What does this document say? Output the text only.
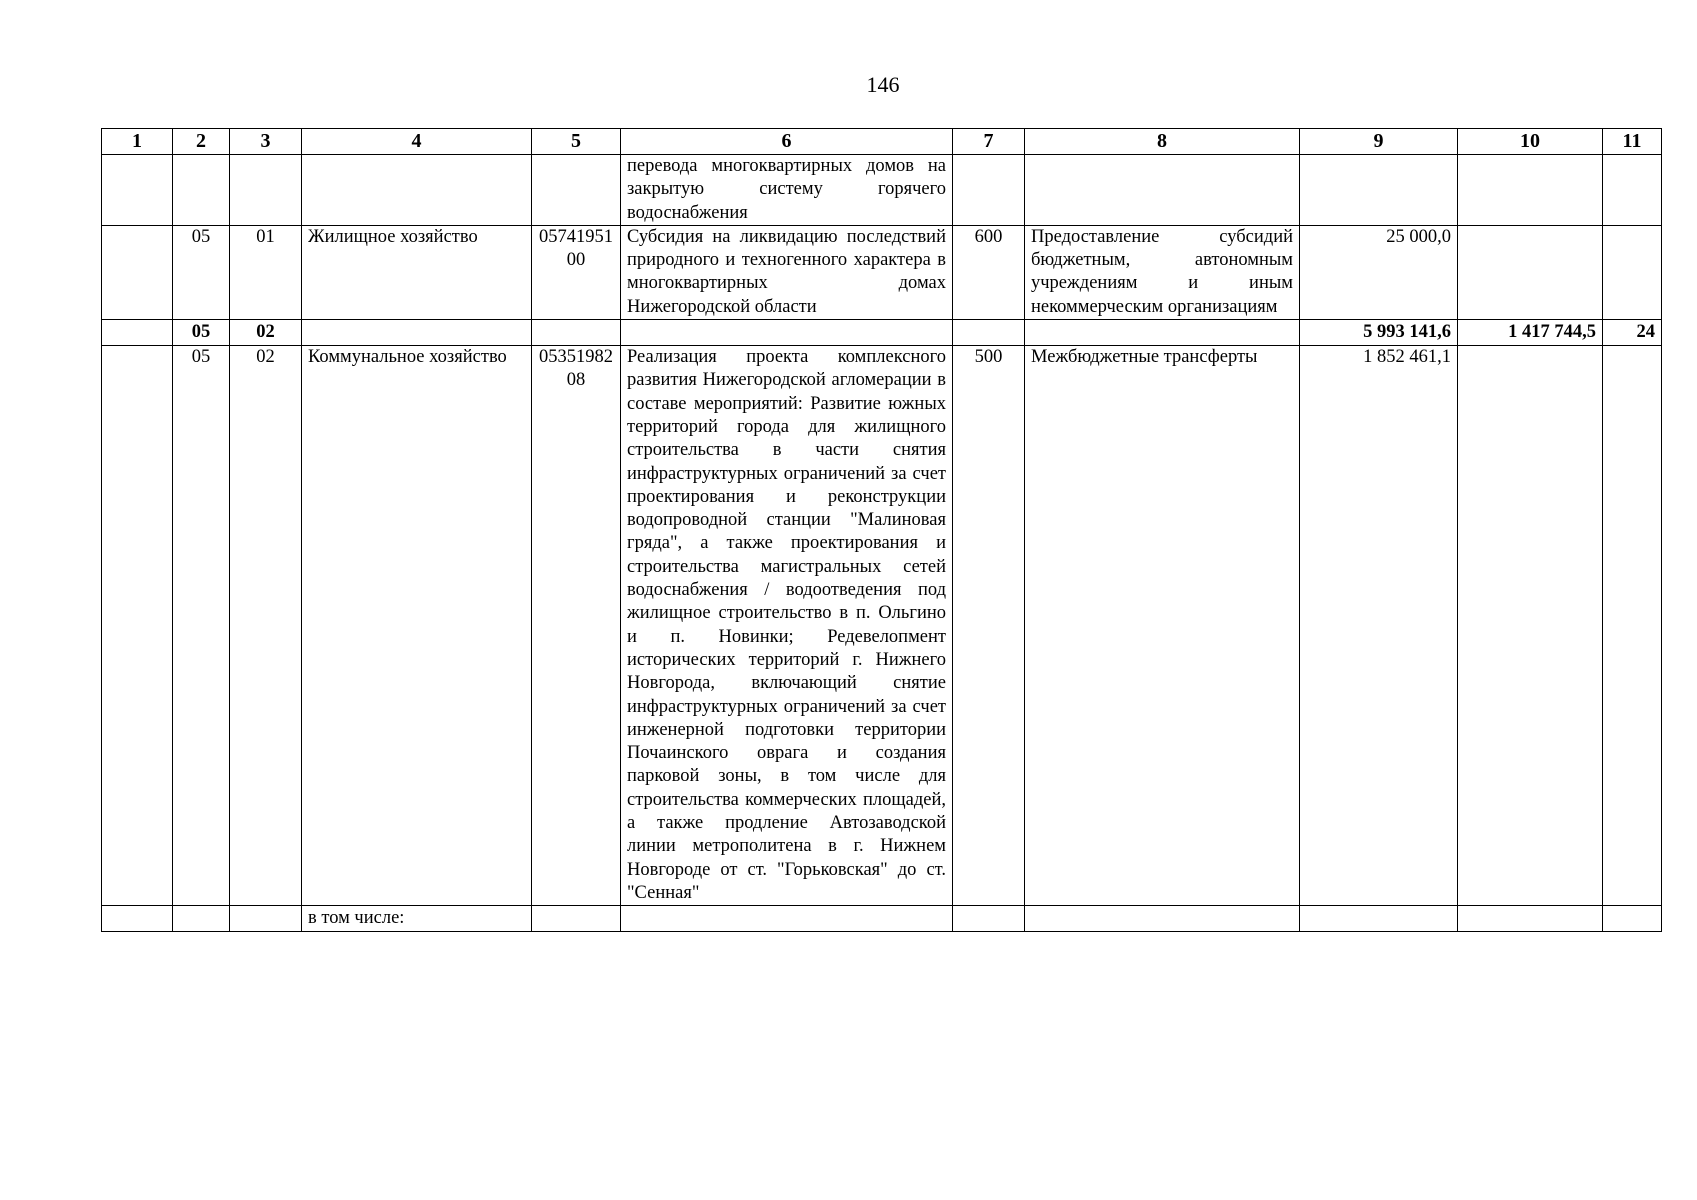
146
1	2	3	4	5	6	7	8	9	10	11
					перевода многоквартирных домов на закрытую систему горячего водоснабжения					
	05	01	Жилищное хозяйство	0574195100	Субсидия на ликвидацию последствий природного и техногенного характера в многоквартирных домах Нижегородской области	600	Предоставление субсидий бюджетным, автономным учреждениям и иным некоммерческим организациям	25 000,0		
	05	02						5 993 141,6	1 417 744,5	24
	05	02	Коммунальное хозяйство	0535198208	Реализация проекта комплексного развития Нижегородской агломерации в составе мероприятий: Развитие южных территорий города для жилищного строительства в части снятия инфраструктурных ограничений за счет проектирования и реконструкции водопроводной станции "Малиновая гряда", а также проектирования и строительства магистральных сетей водоснабжения / водоотведения под жилищное строительство в п. Ольгино и п. Новинки; Редевелопмент исторических территорий г. Нижнего Новгорода, включающий снятие инфраструктурных ограничений за счет инженерной подготовки территории Почаинского оврага и создания парковой зоны, в том числе для строительства коммерческих площадей, а также продление Автозаводской линии метрополитена в г. Нижнем Новгороде от ст. "Горьковская" до ст. "Сенная"	500	Межбюджетные трансферты	1 852 461,1		
			в том числе:							
